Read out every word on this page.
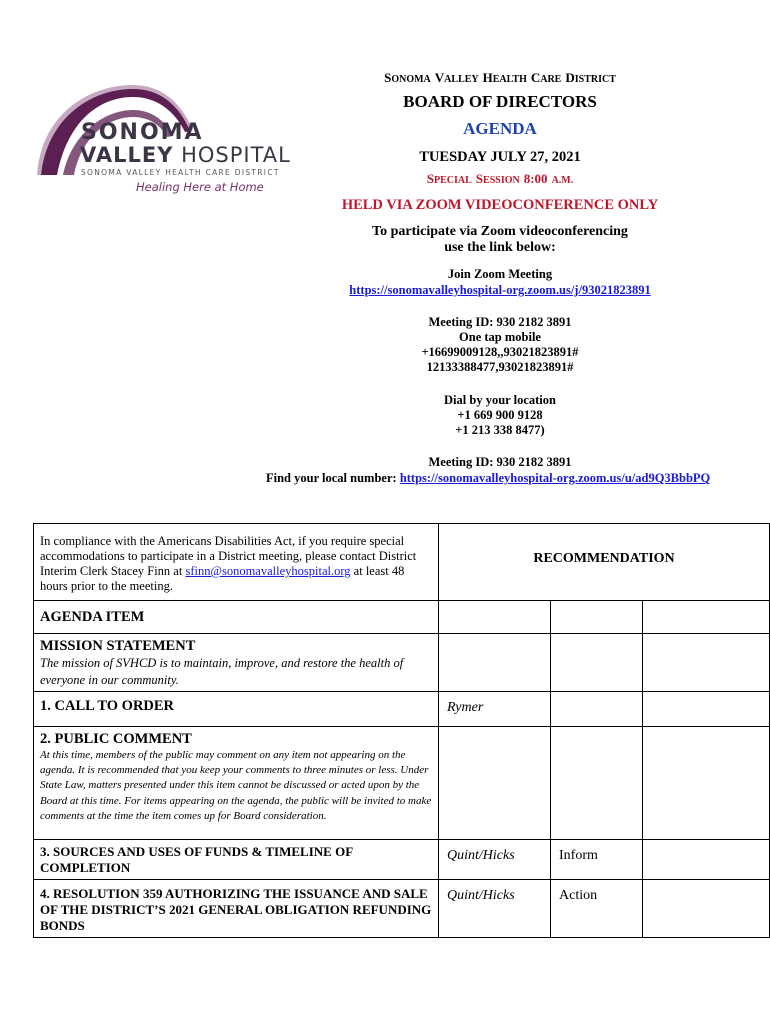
SONOMA
VALLEY HOSPITAL
SONOMA VALLEY HEALTH CARE DISTRICT
Healing Here at Home
SONOMA VALLEY HEALTH CARE DISTRICT
BOARD OF DIRECTORS
AGENDA
TUESDAY JULY 27, 2021
SPECIAL SESSION 8:00 A.M.
HELD VIA ZOOM VIDEOCONFERENCE ONLY
To participate via Zoom videoconferencing
use the link below:
Join Zoom Meeting
https://sonomavalleyhospital-org.zoom.us/j/93021823891
Meeting ID: 930 2182 3891
One tap mobile
+16699009128,,93021823891#
12133388477,93021823891#
Dial by your location
+1 669 900 9128
+1 213 338 8477)
Meeting ID: 930 2182 3891
Find your local number: https://sonomavalleyhospital-org.zoom.us/u/ad9Q3BbbPQ
In compliance with the Americans Disabilities Act, if you require special accommodations to participate in a District meeting, please contact District Interim Clerk Stacey Finn at sfinn@sonomavalleyhospital.org at least 48 hours prior to the meeting.	RECOMMENDATION		
AGENDA ITEM			

MISSION STATEMENT
The mission of SVHCD is to maintain, improve, and restore the health of everyone in our community.			

1. CALL TO ORDER	Rymer		

2. PUBLIC COMMENT
At this time, members of the public may comment on any item not appearing on the agenda. It is recommended that you keep your comments to three minutes or less. Under State Law, matters presented under this item cannot be discussed or acted upon by the Board at this time. For items appearing on the agenda, the public will be invited to make comments at the time the item comes up for Board consideration.			

3. SOURCES AND USES OF FUNDS & TIMELINE OF COMPLETION	Quint/Hicks	Inform	
4. RESOLUTION 359 AUTHORIZING THE ISSUANCE AND SALE OF THE DISTRICT’S 2021 GENERAL OBLIGATION REFUNDING BONDS	Quint/Hicks	Action	
